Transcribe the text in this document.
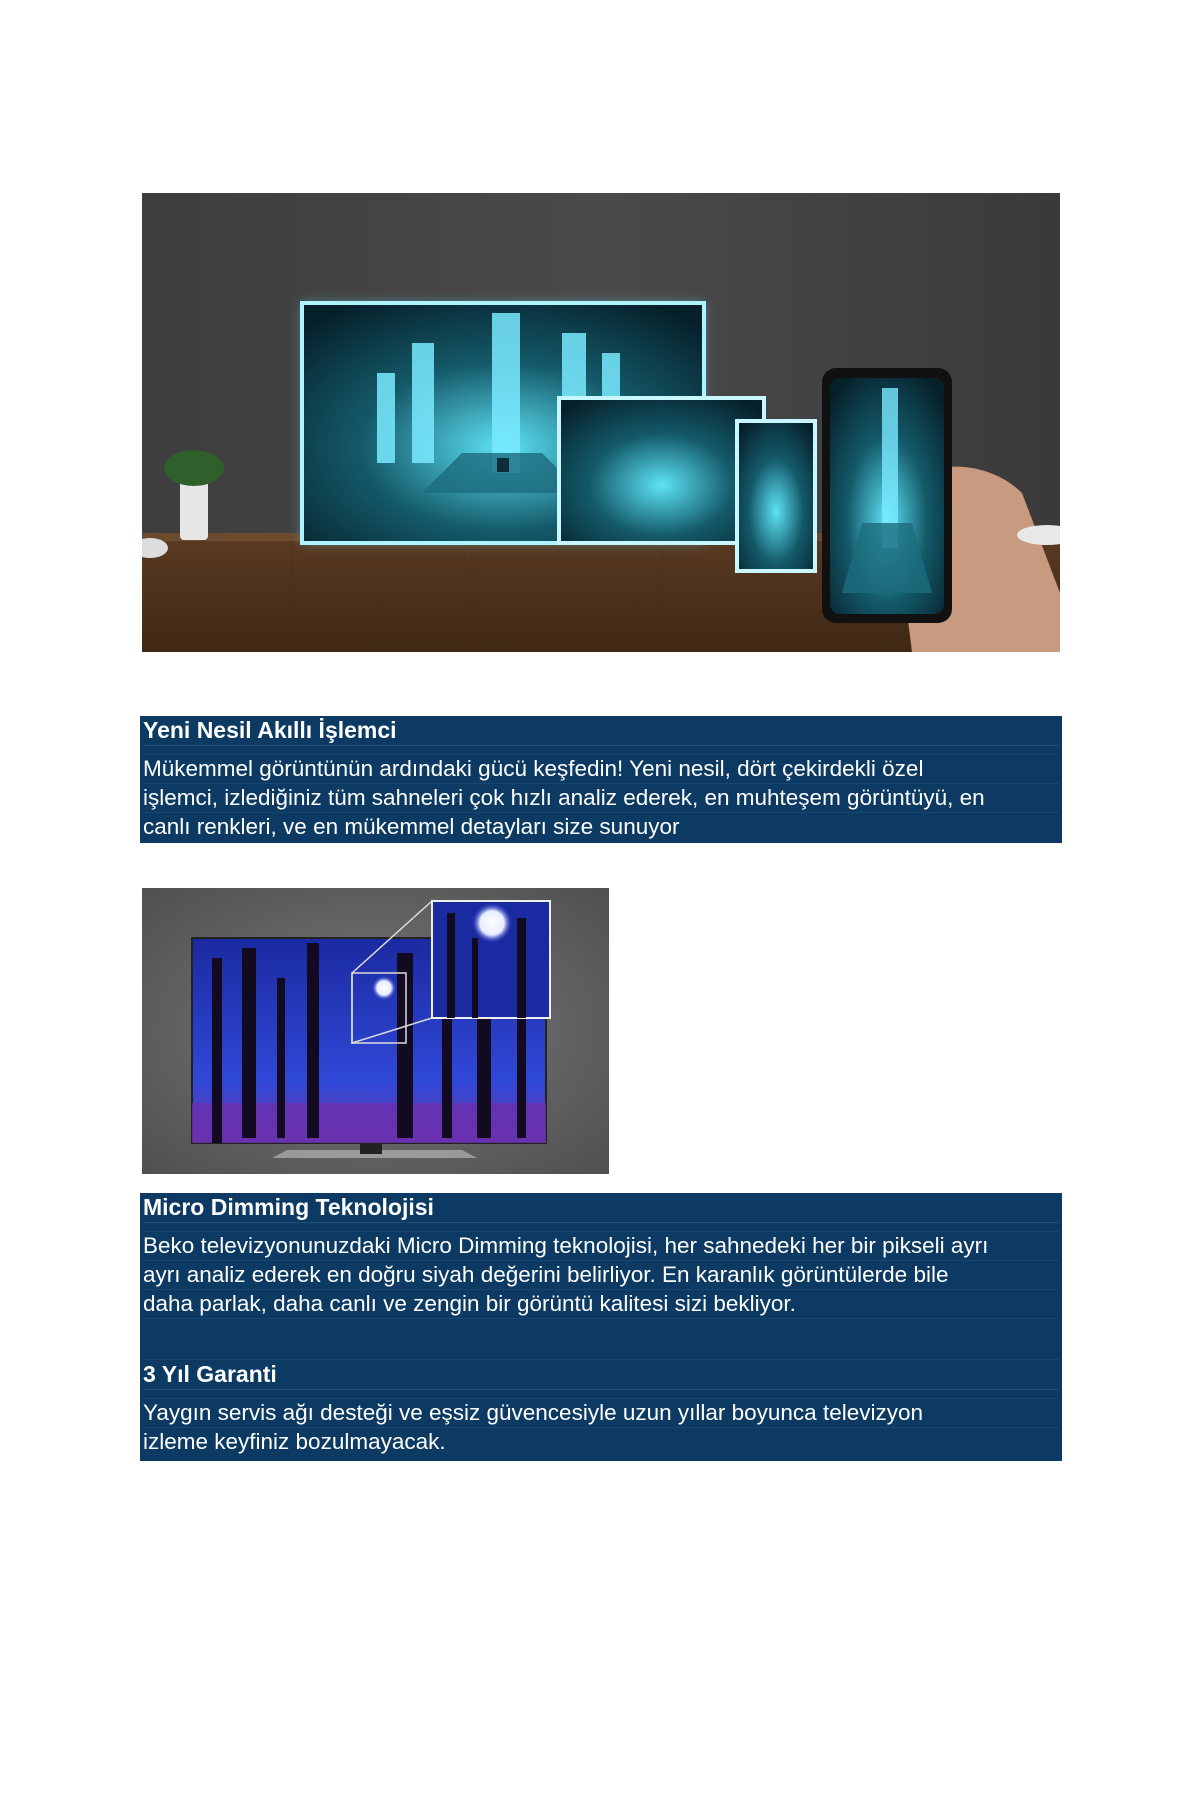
Yeni Nesil Akıllı İşlemci
Mükemmel görüntünün ardındaki gücü keşfedin! Yeni nesil, dört çekirdekli özel
işlemci, izlediğiniz tüm sahneleri çok hızlı analiz ederek, en muhteşem görüntüyü, en
canlı renkleri, ve en mükemmel detayları size sunuyor
Micro Dimming Teknolojisi
Beko televizyonunuzdaki Micro Dimming teknolojisi, her sahnedeki her bir pikseli ayrı
ayrı analiz ederek en doğru siyah değerini belirliyor. En karanlık görüntülerde bile
daha parlak, daha canlı ve zengin bir görüntü kalitesi sizi bekliyor.
3 Yıl Garanti
Yaygın servis ağı desteği ve eşsiz güvencesiyle uzun yıllar boyunca televizyon
izleme keyfiniz bozulmayacak.
